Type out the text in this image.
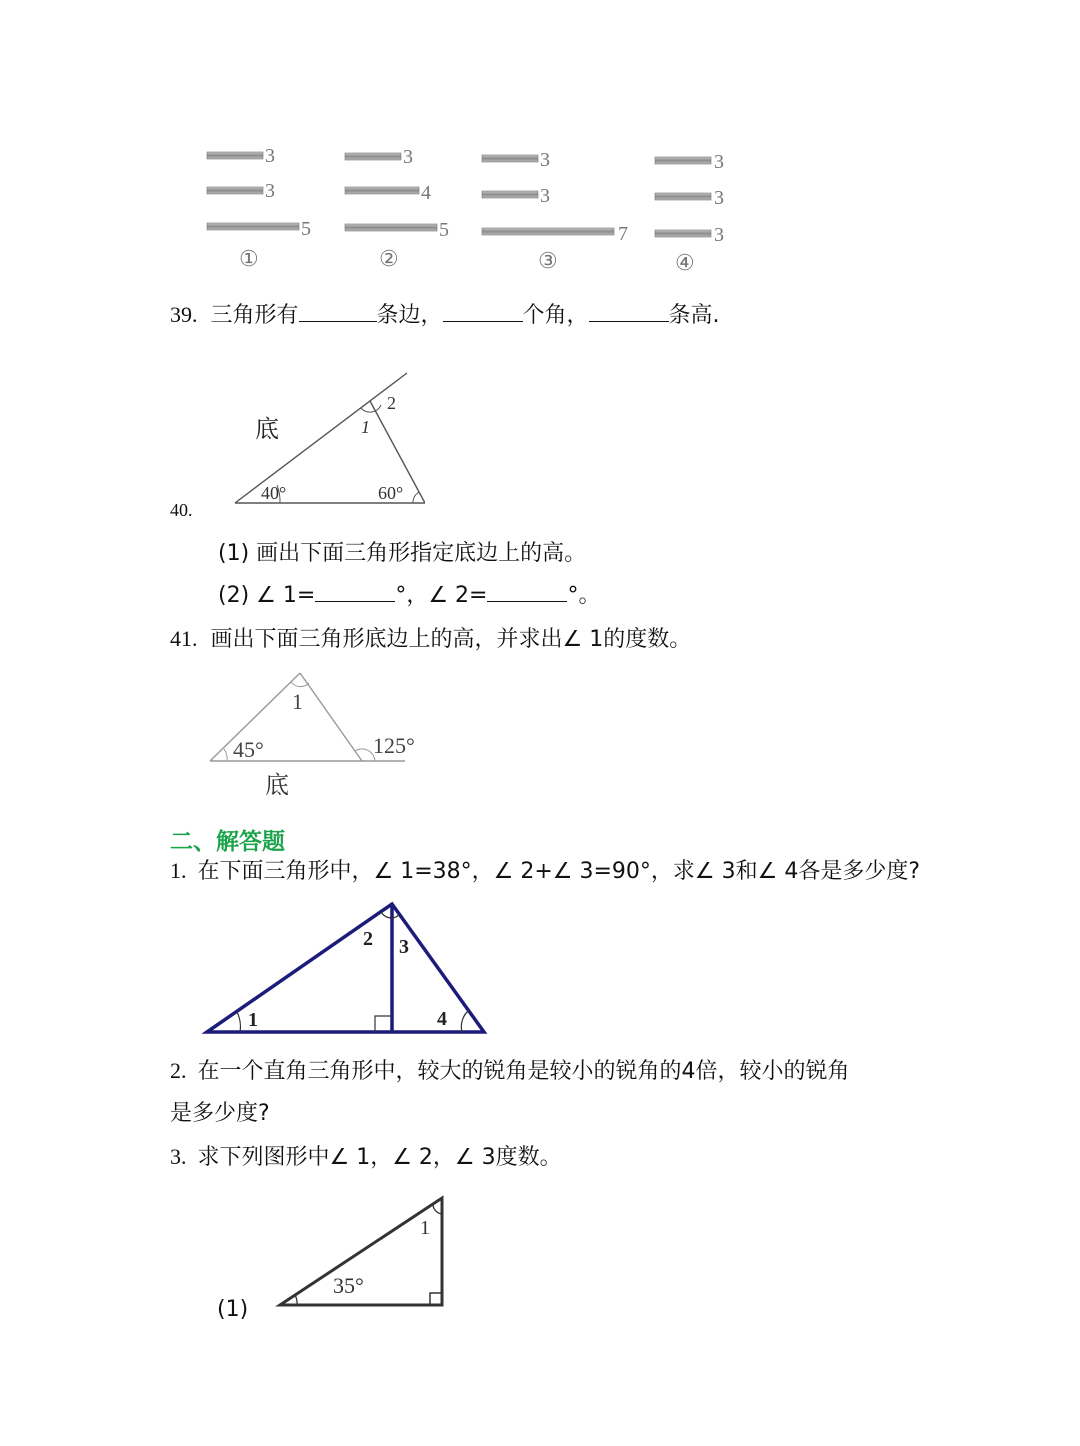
3
3
5
①
3
4
5
②
3
3
7
③
3
3
3
④
39. 三角形有	条边，	个角，	条高.
底
40°	60°
1
2
40.
(1) 画出下面三角形指定底边上的高。
(2) ∠ 1=	°，∠ 2=	°。
41. 画出下面三角形底边上的高，并求出∠ 1的度数。
1
45°	125°
底
二、解答题
1. 在下面三角形中，∠ 1=38°，∠ 2+∠ 3=90°，求∠ 3和∠ 4各是多少度?
1
2 3
4
2. 在一个直角三角形中，较大的锐角是较小的锐角的4倍，较小的锐角
是多少度?
3. 求下列图形中∠ 1，∠ 2，∠ 3度数。
1
35°
(1)
